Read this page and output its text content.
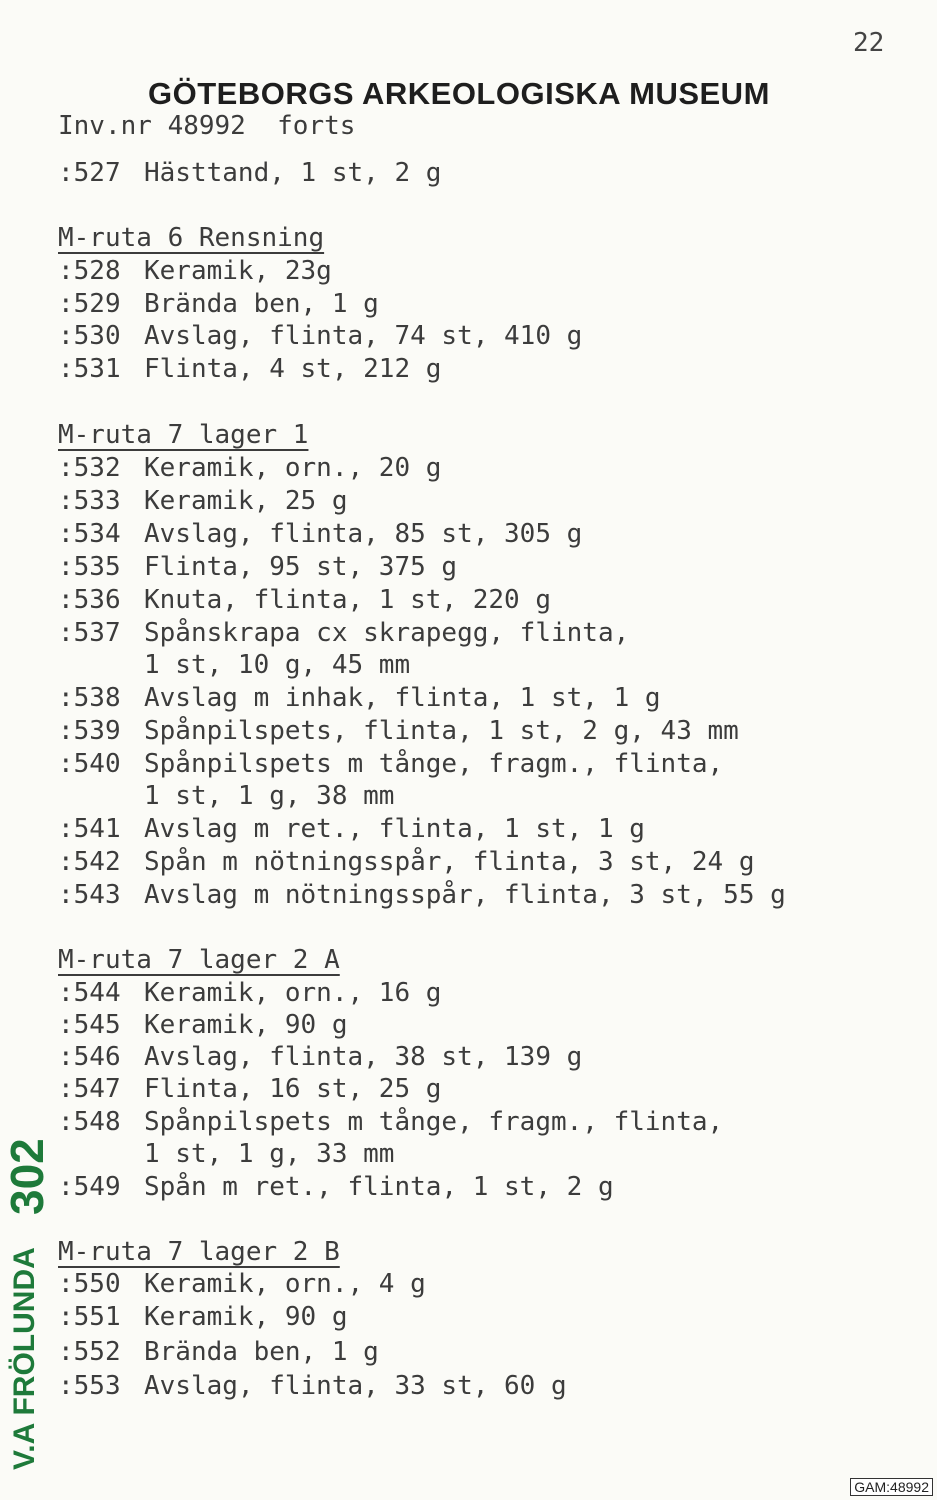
22
GÖTEBORGS ARKEOLOGISKA MUSEUM
Inv.nr 48992  forts

:527 Hästtand, 1 st, 2 g

M-ruta 6 Rensning

:528 Keramik, 23g

:529 Brända ben, 1 g

:530 Avslag, flinta, 74 st, 410 g

:531 Flinta, 4 st, 212 g

M-ruta 7 lager 1

:532 Keramik, orn., 20 g

:533 Keramik, 25 g

:534 Avslag, flinta, 85 st, 305 g

:535 Flinta, 95 st, 375 g

:536 Knuta, flinta, 1 st, 220 g

:537 Spånskrapa cx skrapegg, flinta,

1 st, 10 g, 45 mm

:538 Avslag m inhak, flinta, 1 st, 1 g

:539 Spånpilspets, flinta, 1 st, 2 g, 43 mm

:540 Spånpilspets m tånge, fragm., flinta,

1 st, 1 g, 38 mm

:541 Avslag m ret., flinta, 1 st, 1 g

:542 Spån m nötningsspår, flinta, 3 st, 24 g

:543 Avslag m nötningsspår, flinta, 3 st, 55 g

M-ruta 7 lager 2 A

:544 Keramik, orn., 16 g

:545 Keramik, 90 g

:546 Avslag, flinta, 38 st, 139 g

:547 Flinta, 16 st, 25 g

:548 Spånpilspets m tånge, fragm., flinta,

1 st, 1 g, 33 mm

:549 Spån m ret., flinta, 1 st, 2 g

M-ruta 7 lager 2 B

:550 Keramik, orn., 4 g

:551 Keramik, 90 g

:552 Brända ben, 1 g

:553 Avslag, flinta, 33 st, 60 g

302
V.A FRÖLUNDA
GAM:48992
